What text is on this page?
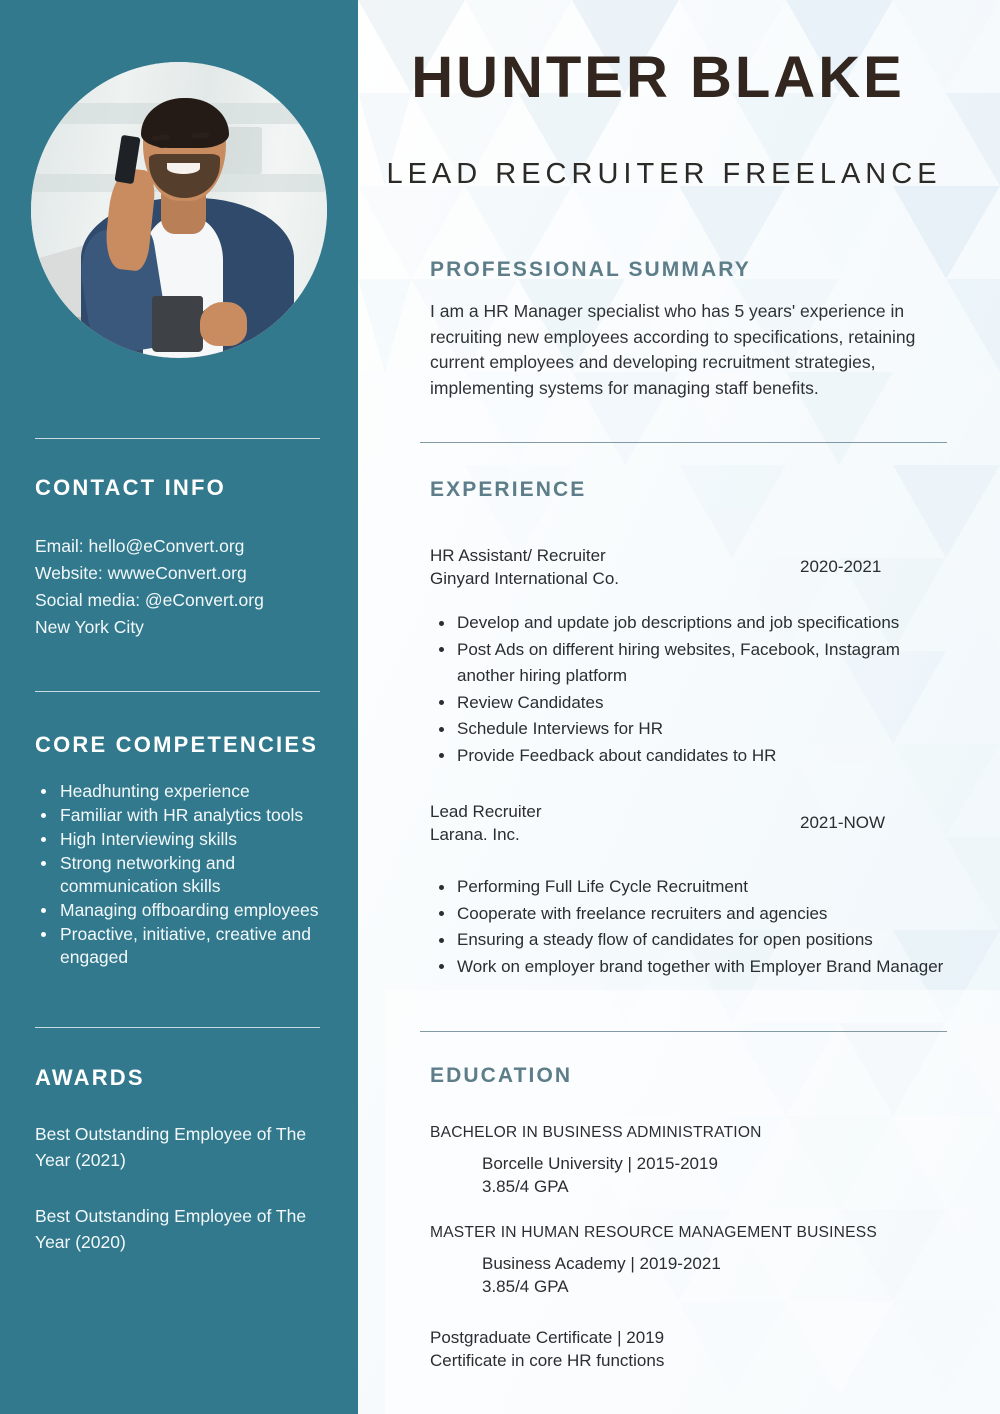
CONTACT INFO
Email: hello@eConvert.org
Website: wwweConvert.org
Social media: @eConvert.org
New York City
CORE COMPETENCIES
Headhunting experience
Familiar with HR analytics tools
High Interviewing skills
Strong networking and communication skills
Managing offboarding employees
Proactive, initiative, creative and engaged
AWARDS
Best Outstanding Employee of The Year (2021)
Best Outstanding Employee of The Year (2020)
HUNTER BLAKE
LEAD RECRUITER FREELANCE
PROFESSIONAL SUMMARY

I am a HR Manager specialist who has 5 years' experience in recruiting new employees according to specifications, retaining current employees and developing recruitment strategies, implementing systems for managing staff benefits.

EXPERIENCE
HR Assistant/ Recruiter
Ginyard International Co.
2020-2021
Develop and update job descriptions and job specifications
Post Ads on different hiring websites, Facebook, Instagram another hiring platform
Review Candidates
Schedule Interviews for HR
Provide Feedback about candidates to HR
Lead Recruiter
Larana. Inc.
2021-NOW
Performing Full Life Cycle Recruitment
Cooperate with freelance recruiters and agencies
Ensuring a steady flow of candidates for open positions
Work on employer brand together with Employer Brand Manager
EDUCATION
BACHELOR IN BUSINESS ADMINISTRATION
Borcelle University | 2015-2019
3.85/4 GPA
MASTER IN HUMAN RESOURCE MANAGEMENT BUSINESS
Business Academy | 2019-2021
3.85/4 GPA
Postgraduate Certificate | 2019
Certificate in core HR functions
